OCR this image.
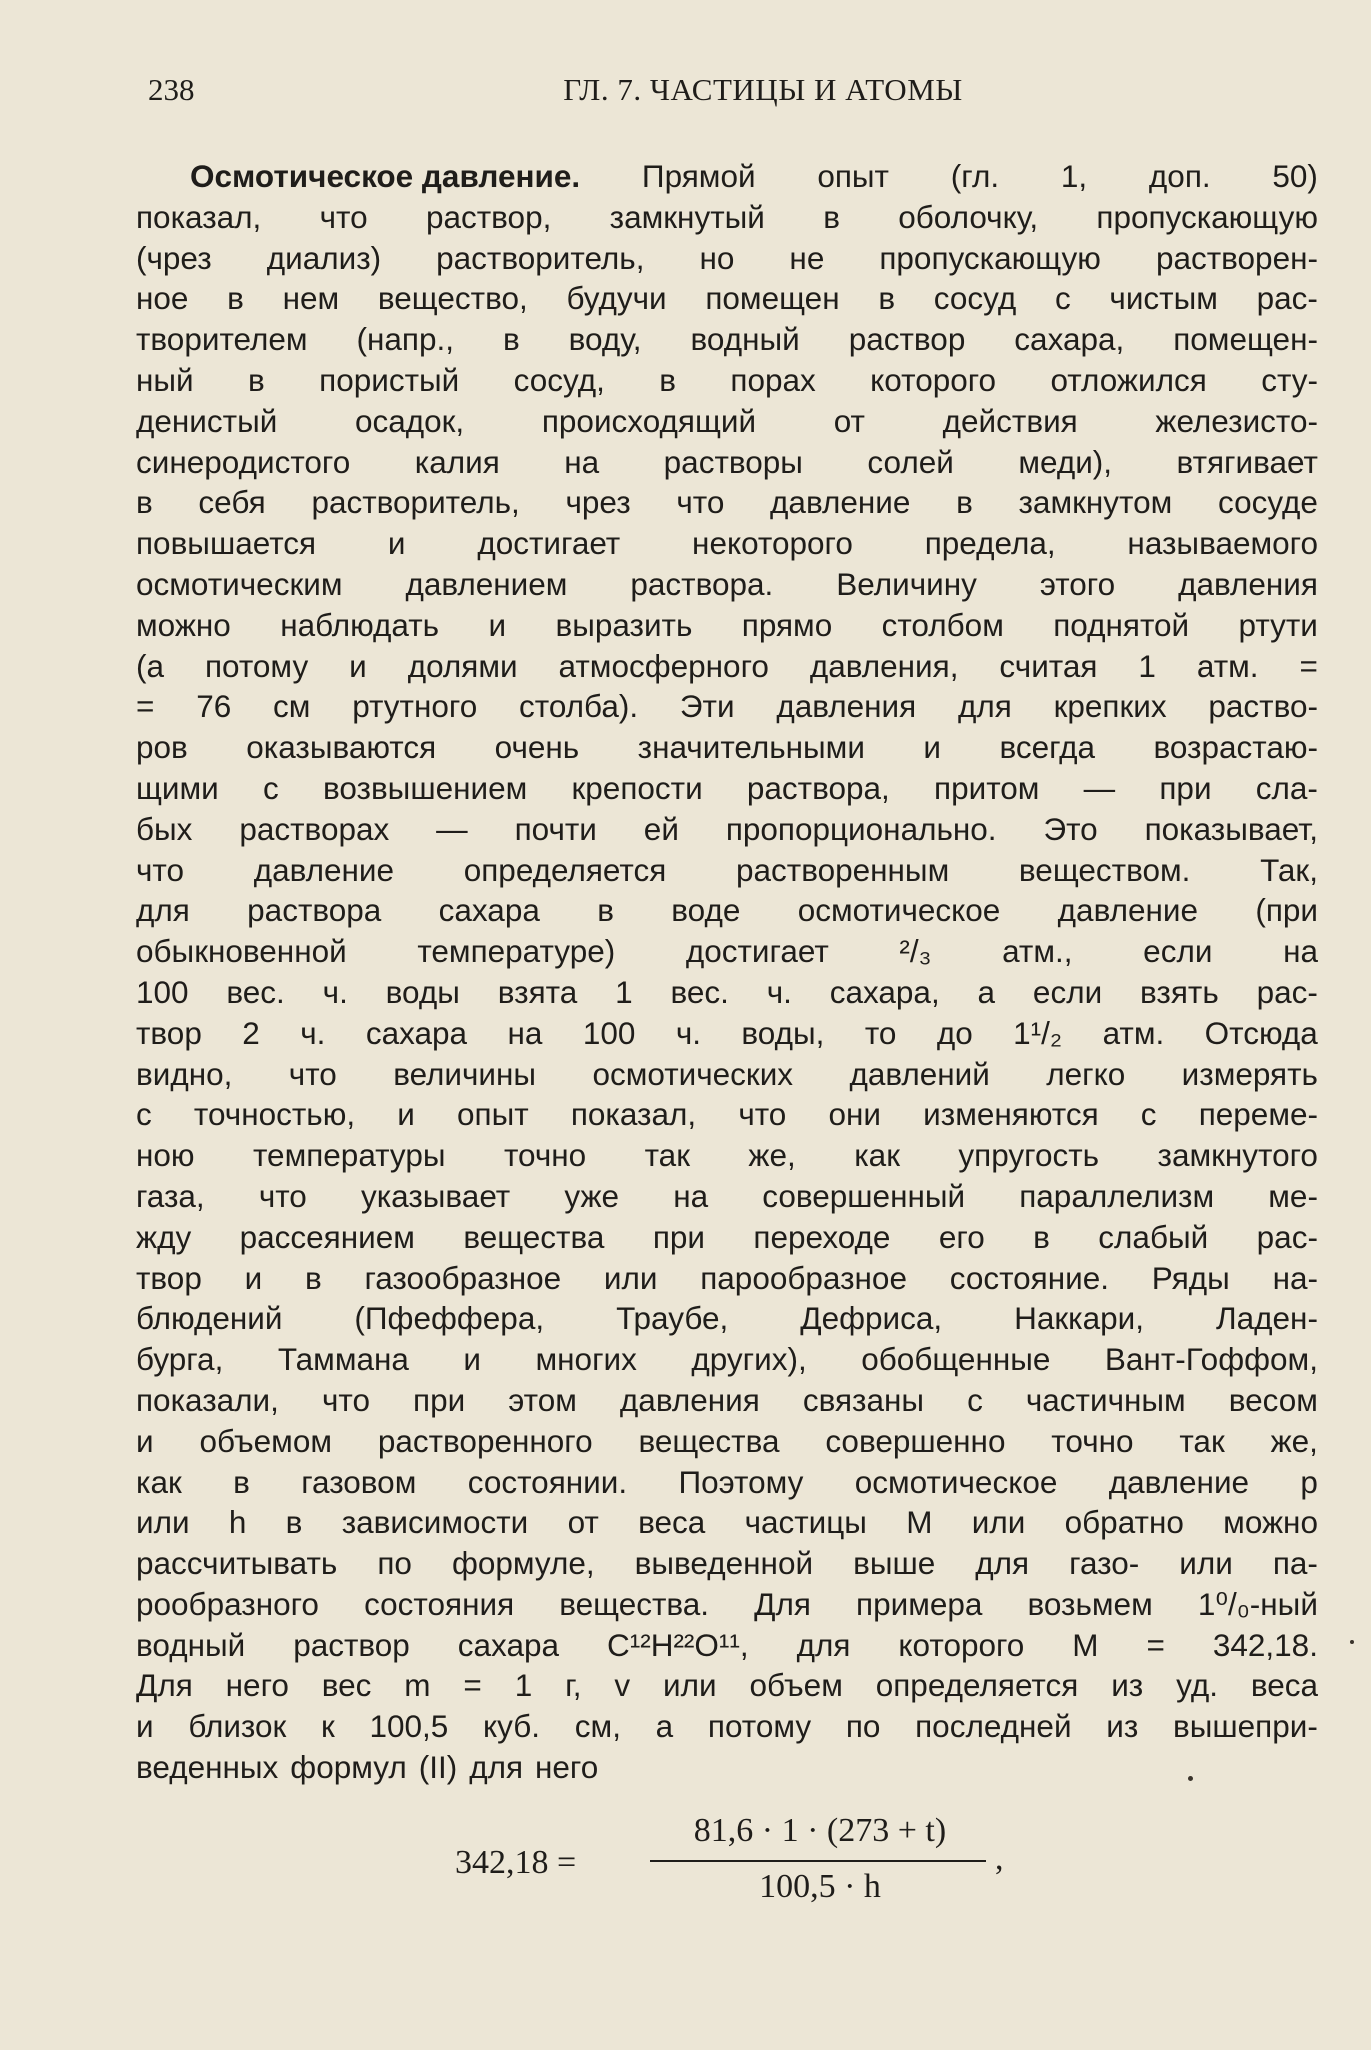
238	ГЛ. 7. ЧАСТИЦЫ И АТОМЫ
Осмотическое давление. Прямой опыт (гл. 1, доп. 50)
показал, что раствор, замкнутый в оболочку, пропускающую
(чрез диализ) растворитель, но не пропускающую растворен-
ное в нем вещество, будучи помещен в сосуд с чистым рас-
творителем (напр., в воду, водный раствор сахара, помещен-
ный в пористый сосуд, в порах которого отложился сту-
денистый осадок, происходящий от действия железисто-
синеродистого калия на растворы солей меди), втягивает
в себя растворитель, чрез что давление в замкнутом сосуде
повышается и достигает некоторого предела, называемого
осмотическим давлением раствора. Величину этого давления
можно наблюдать и выразить прямо столбом поднятой ртути
(а потому и долями атмосферного давления, считая 1 атм. =
= 76 см ртутного столба). Эти давления для крепких раство-
ров оказываются очень значительными и всегда возрастаю-
щими с возвышением крепости раствора, притом — при сла-
бых растворах — почти ей пропорционально. Это показывает,
что давление определяется растворенным веществом. Так,
для раствора сахара в воде осмотическое давление (при
обыкновенной температуре) достигает ²/₃ атм., если на
100 вес. ч. воды взята 1 вес. ч. сахара, а если взять рас-
твор 2 ч. сахара на 100 ч. воды, то до 1¹/₂ атм. Отсюда
видно, что величины осмотических давлений легко измерять
с точностью, и опыт показал, что они изменяются с переме-
ною температуры точно так же, как упругость замкнутого
газа, что указывает уже на совершенный параллелизм ме-
жду рассеянием вещества при переходе его в слабый рас-
твор и в газообразное или парообразное состояние. Ряды на-
блюдений (Пфеффера, Траубе, Дефриса, Наккари, Ладен-
бурга, Таммана и многих других), обобщенные Вант-Гоффом,
показали, что при этом давления связаны с частичным весом
и объемом растворенного вещества совершенно точно так же,
как в газовом состоянии. Поэтому осмотическое давление p
или h в зависимости от веса частицы M или обратно можно
рассчитывать по формуле, выведенной выше для газо- или па-
рообразного состояния вещества. Для примера возьмем 1⁰/₀-ный
водный раствор сахара C¹²H²²O¹¹, для которого M = 342,18.
Для него вес m = 1 г, v или объем определяется из уд. веса
и близок к 100,5 куб. см, а потому по последней из вышепри-
веденных формул (II) для него
342,18 =
81,6 · 1 · (273 + t)
100,5 · h
,
